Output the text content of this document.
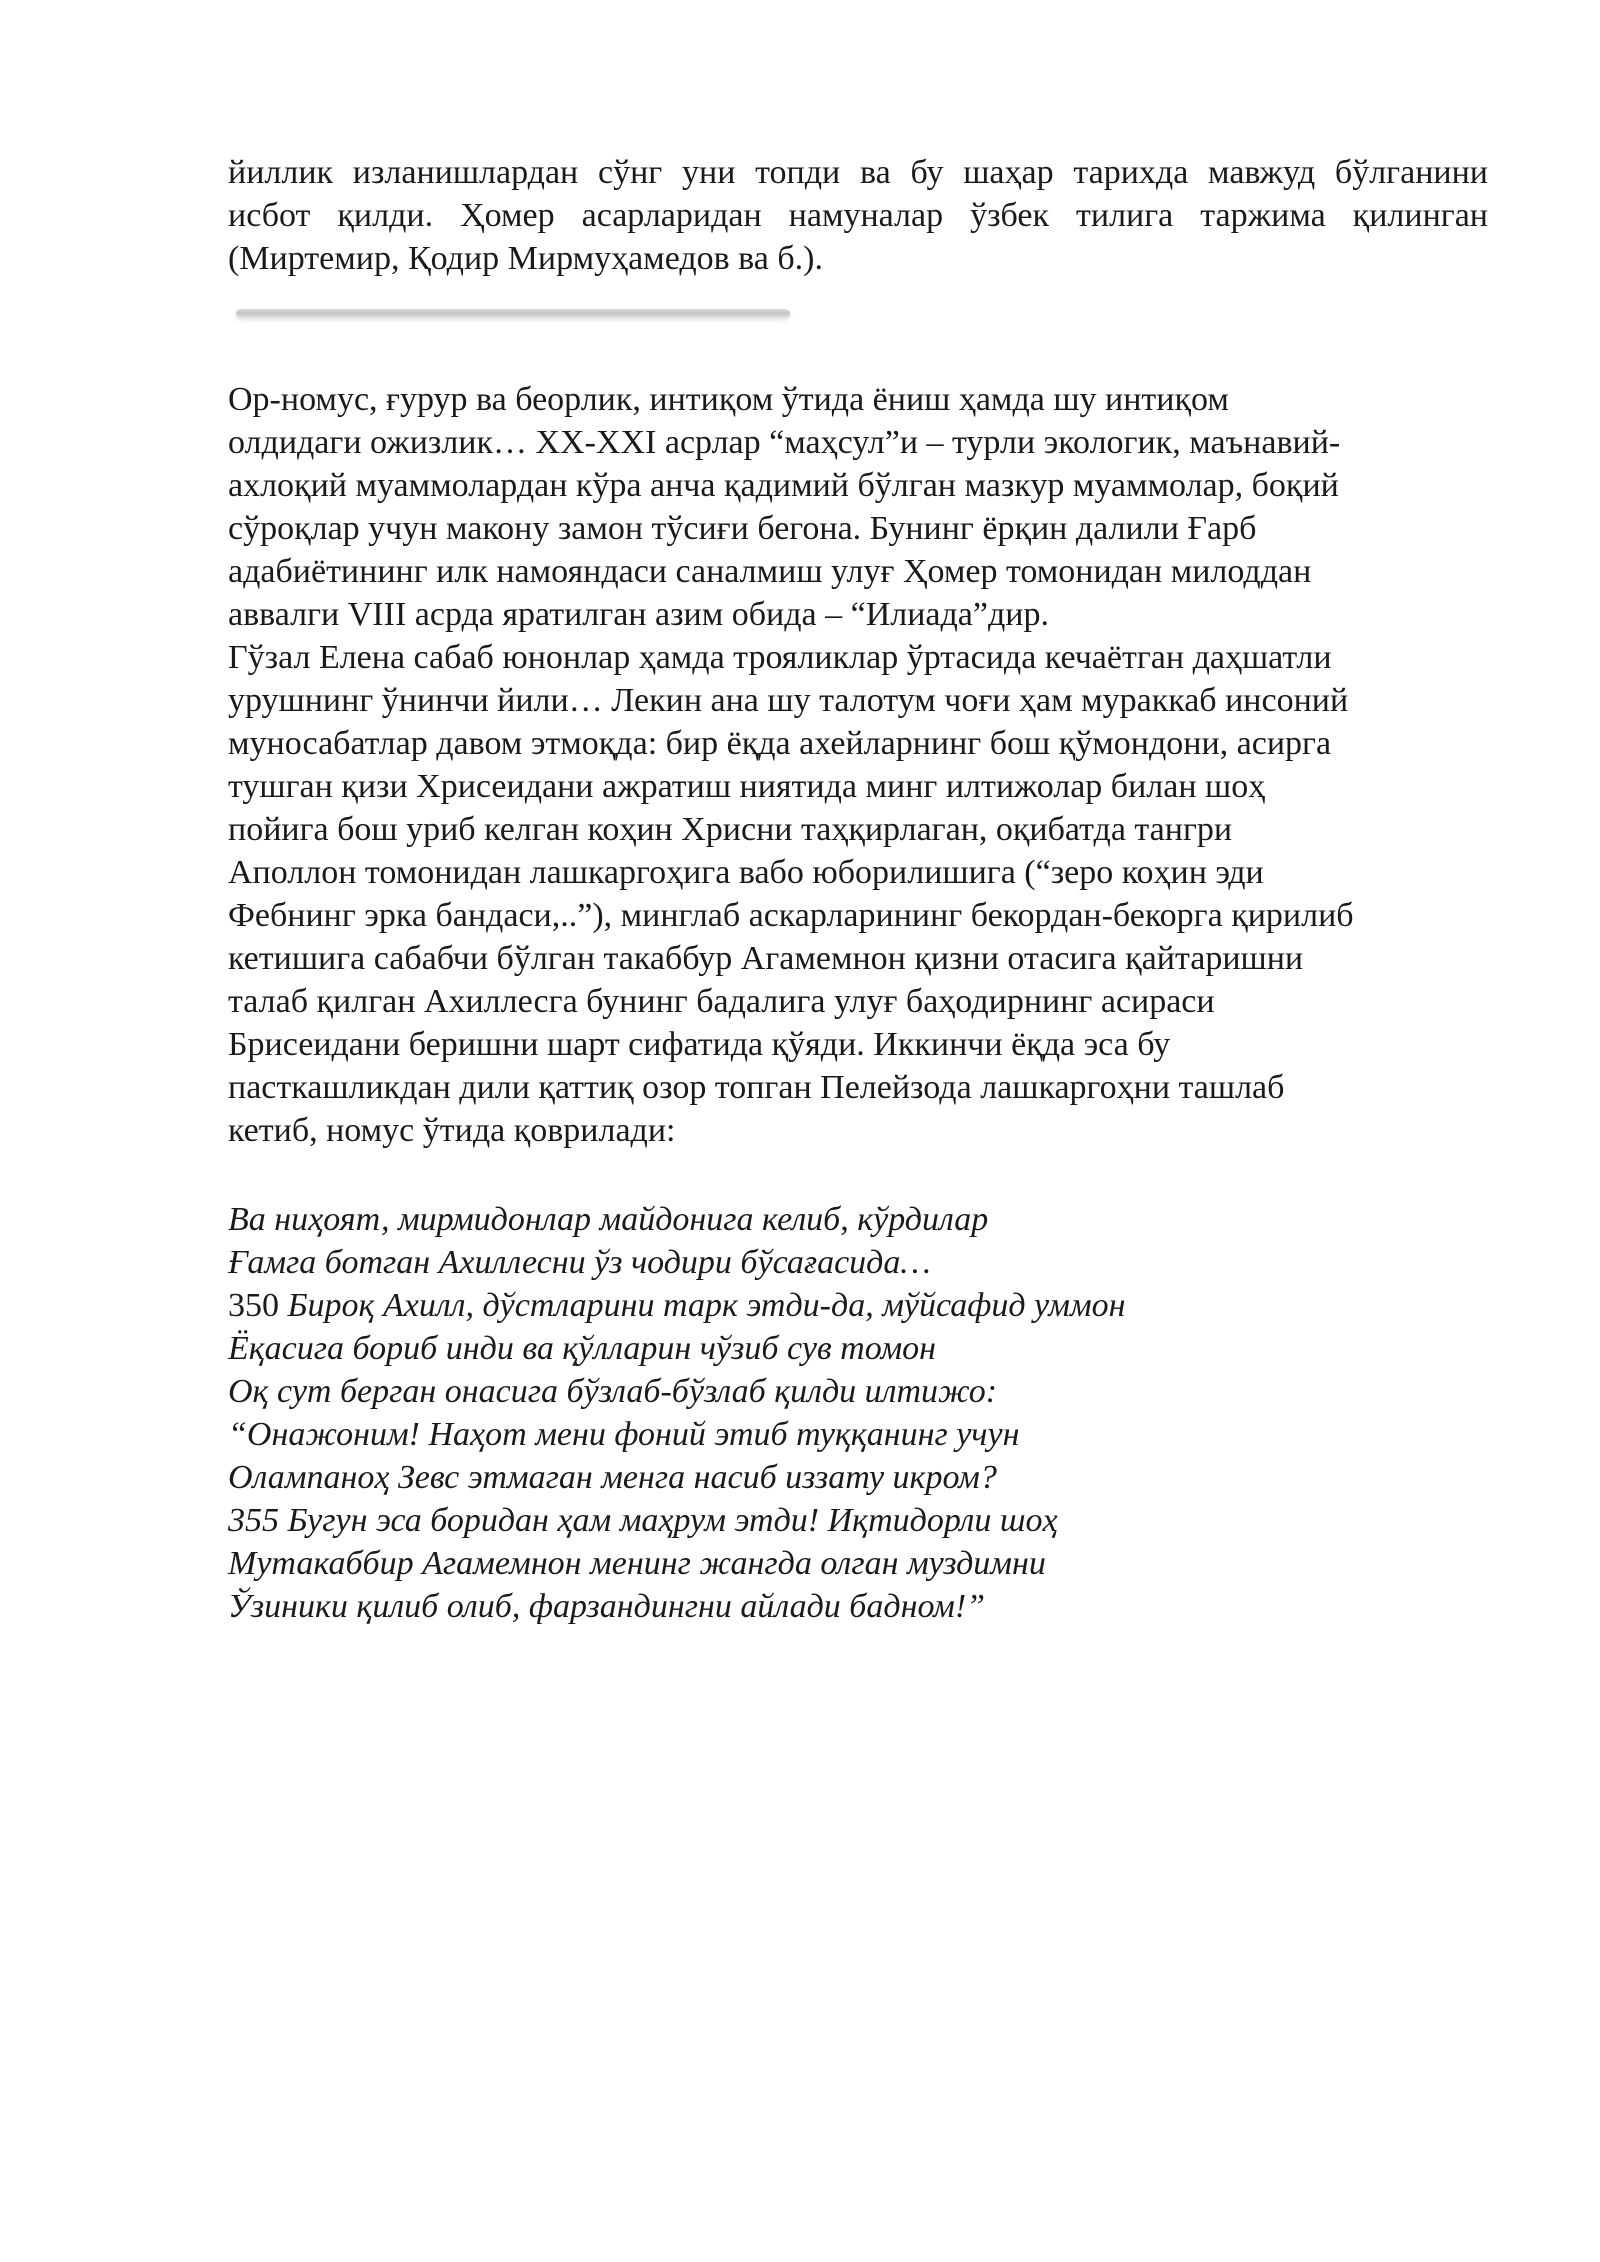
йиллик изланишлардан сўнг уни топди ва бу шаҳар тарихда мавжуд бўлганини
исбот қилди. Ҳомер асарларидан намуналар ўзбек тилига таржима қилинган
(Миртемир, Қодир Мирмуҳамедов ва б.).
Ор-номус, ғурур ва беорлик, интиқом ўтида ёниш ҳамда шу интиқом
олдидаги ожизлик… XX-XXI асрлар “маҳсул”и – турли экологик, маънавий-
ахлоқий муаммолардан кўра анча қадимий бўлган мазкур муаммолар, боқий
сўроқлар учун макону замон тўсиғи бегона. Бунинг ёрқин далили Ғарб
адабиётининг илк намояндаси саналмиш улуғ Ҳомер томонидан милоддан
аввалги VIII асрда яратилган азим обида – “Илиада”дир.
Гўзал Елена сабаб юнонлар ҳамда трояликлар ўртасида кечаётган даҳшатли
урушнинг ўнинчи йили… Лекин ана шу талотум чоғи ҳам мураккаб инсоний
муносабатлар давом этмоқда: бир ёқда ахейларнинг бош қўмондони, асирга
тушган қизи Хрисеидани ажратиш ниятида минг илтижолар билан шоҳ
пойига бош уриб келган коҳин Хрисни таҳқирлаган, оқибатда тангри
Аполлон томонидан лашкаргоҳига вабо юборилишига (“зеро коҳин эди
Фебнинг эрка бандаси,..”), минглаб аскарларининг бекордан-бекорга қирилиб
кетишига сабабчи бўлган такаббур Агамемнон қизни отасига қайтаришни
талаб қилган Ахиллесга бунинг бадалига улуғ баҳодирнинг асираси
Брисеидани беришни шарт сифатида қўяди. Иккинчи ёқда эса бу
пасткашликдан дили қаттиқ озор топган Пелейзода лашкаргоҳни ташлаб
кетиб, номус ўтида қоврилади:
Ва ниҳоят, мирмидонлар майдонига келиб, кўрдилар
Ғамга ботган Ахиллесни ўз чодири бўсағасида…
350 Бироқ Ахилл, дўстларини тарк этди-да, мўйсафид уммон
Ёқасига бориб инди ва қўлларин чўзиб сув томон
Оқ сут берган онасига бўзлаб-бўзлаб қилди илтижо:
“Онажоним! Наҳот мени фоний этиб туққанинг учун
Олампаноҳ Зевс этмаган менга насиб иззату икром?
355 Бугун эса боридан ҳам маҳрум этди! Иқтидорли шоҳ
Мутакаббир Агамемнон менинг жангда олган муздимни
Ўзиники қилиб олиб, фарзандингни айлади бадном!”
